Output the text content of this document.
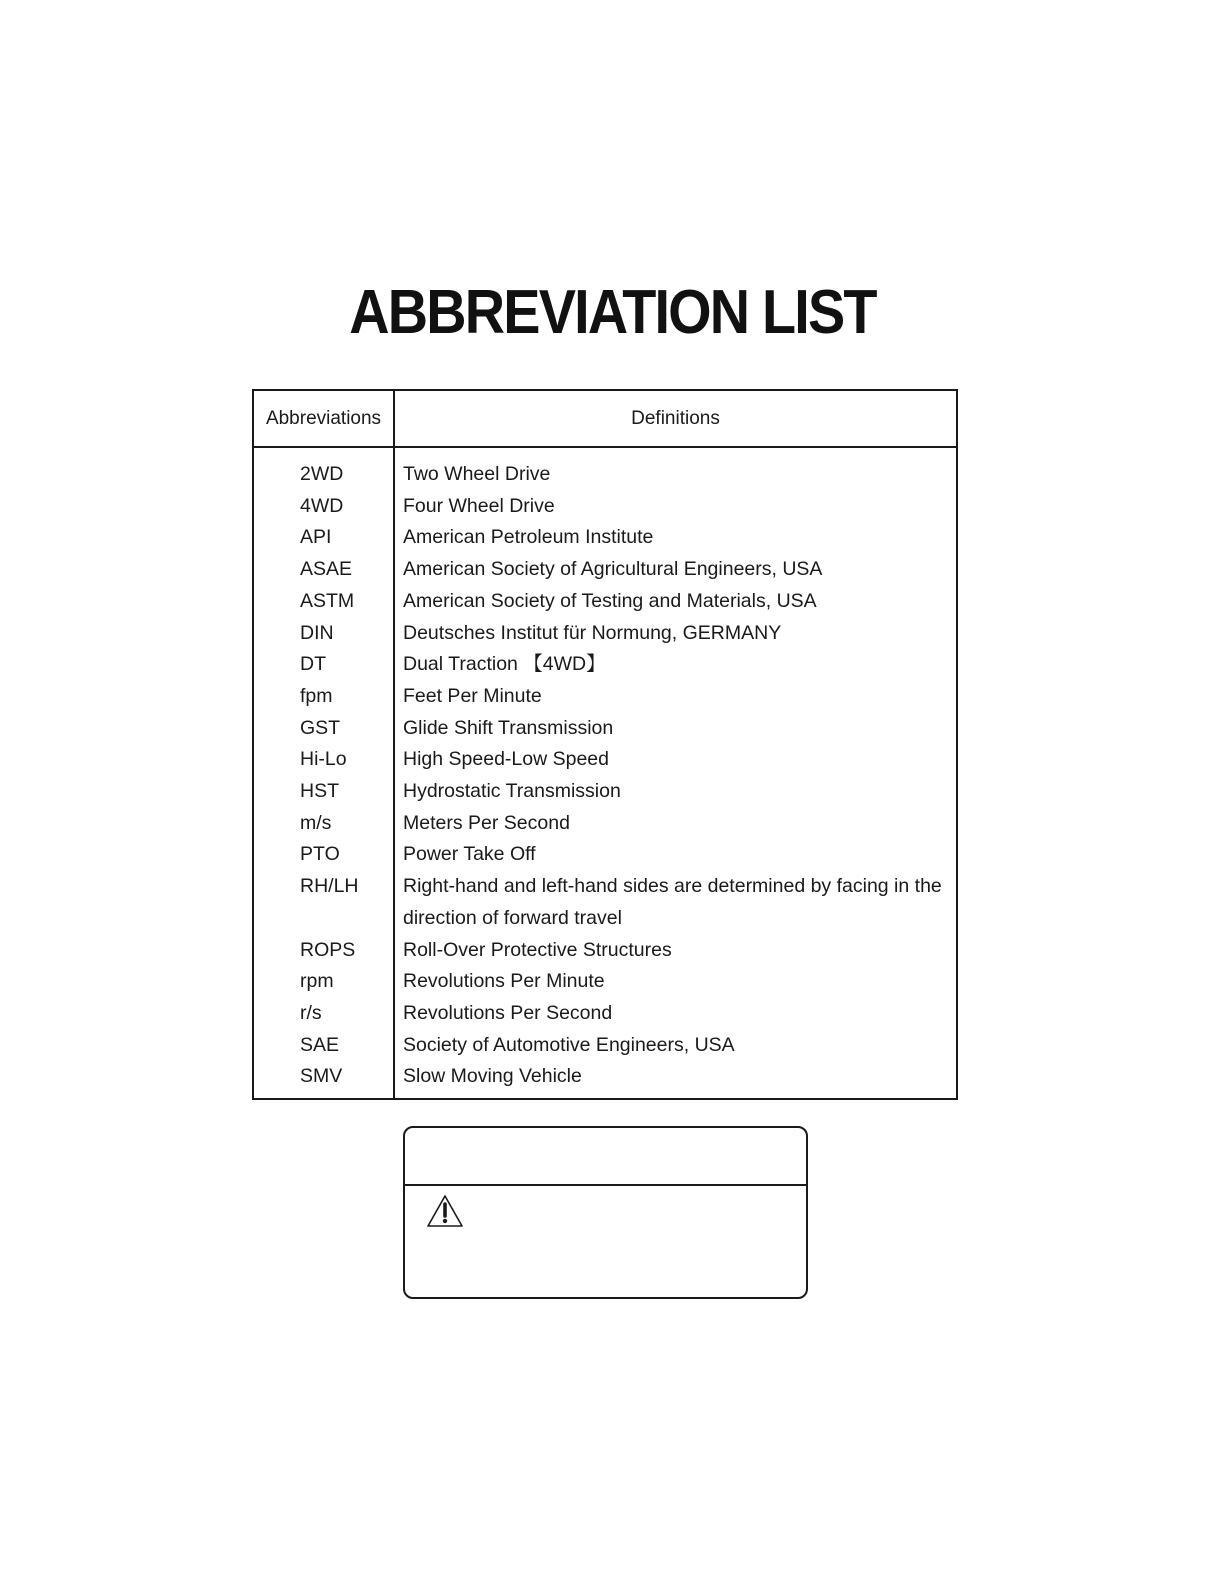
ABBREVIATION LIST
Abbreviations	Definitions
2WD	Two Wheel Drive
4WD	Four Wheel Drive
API	American Petroleum Institute
ASAE	American Society of Agricultural Engineers, USA
ASTM	American Society of Testing and Materials, USA
DIN	Deutsches Institut für Normung, GERMANY
DT	Dual Traction 【4WD】
fpm	Feet Per Minute
GST	Glide Shift Transmission
Hi-Lo	High Speed-Low Speed
HST	Hydrostatic Transmission
m/s	Meters Per Second
PTO	Power Take Off
RH/LH	Right-hand and left-hand sides are determined by facing in the direction of forward travel
ROPS	Roll-Over Protective Structures
rpm	Revolutions Per Minute
r/s	Revolutions Per Second
SAE	Society of Automotive Engineers, USA
SMV	Slow Moving Vehicle
